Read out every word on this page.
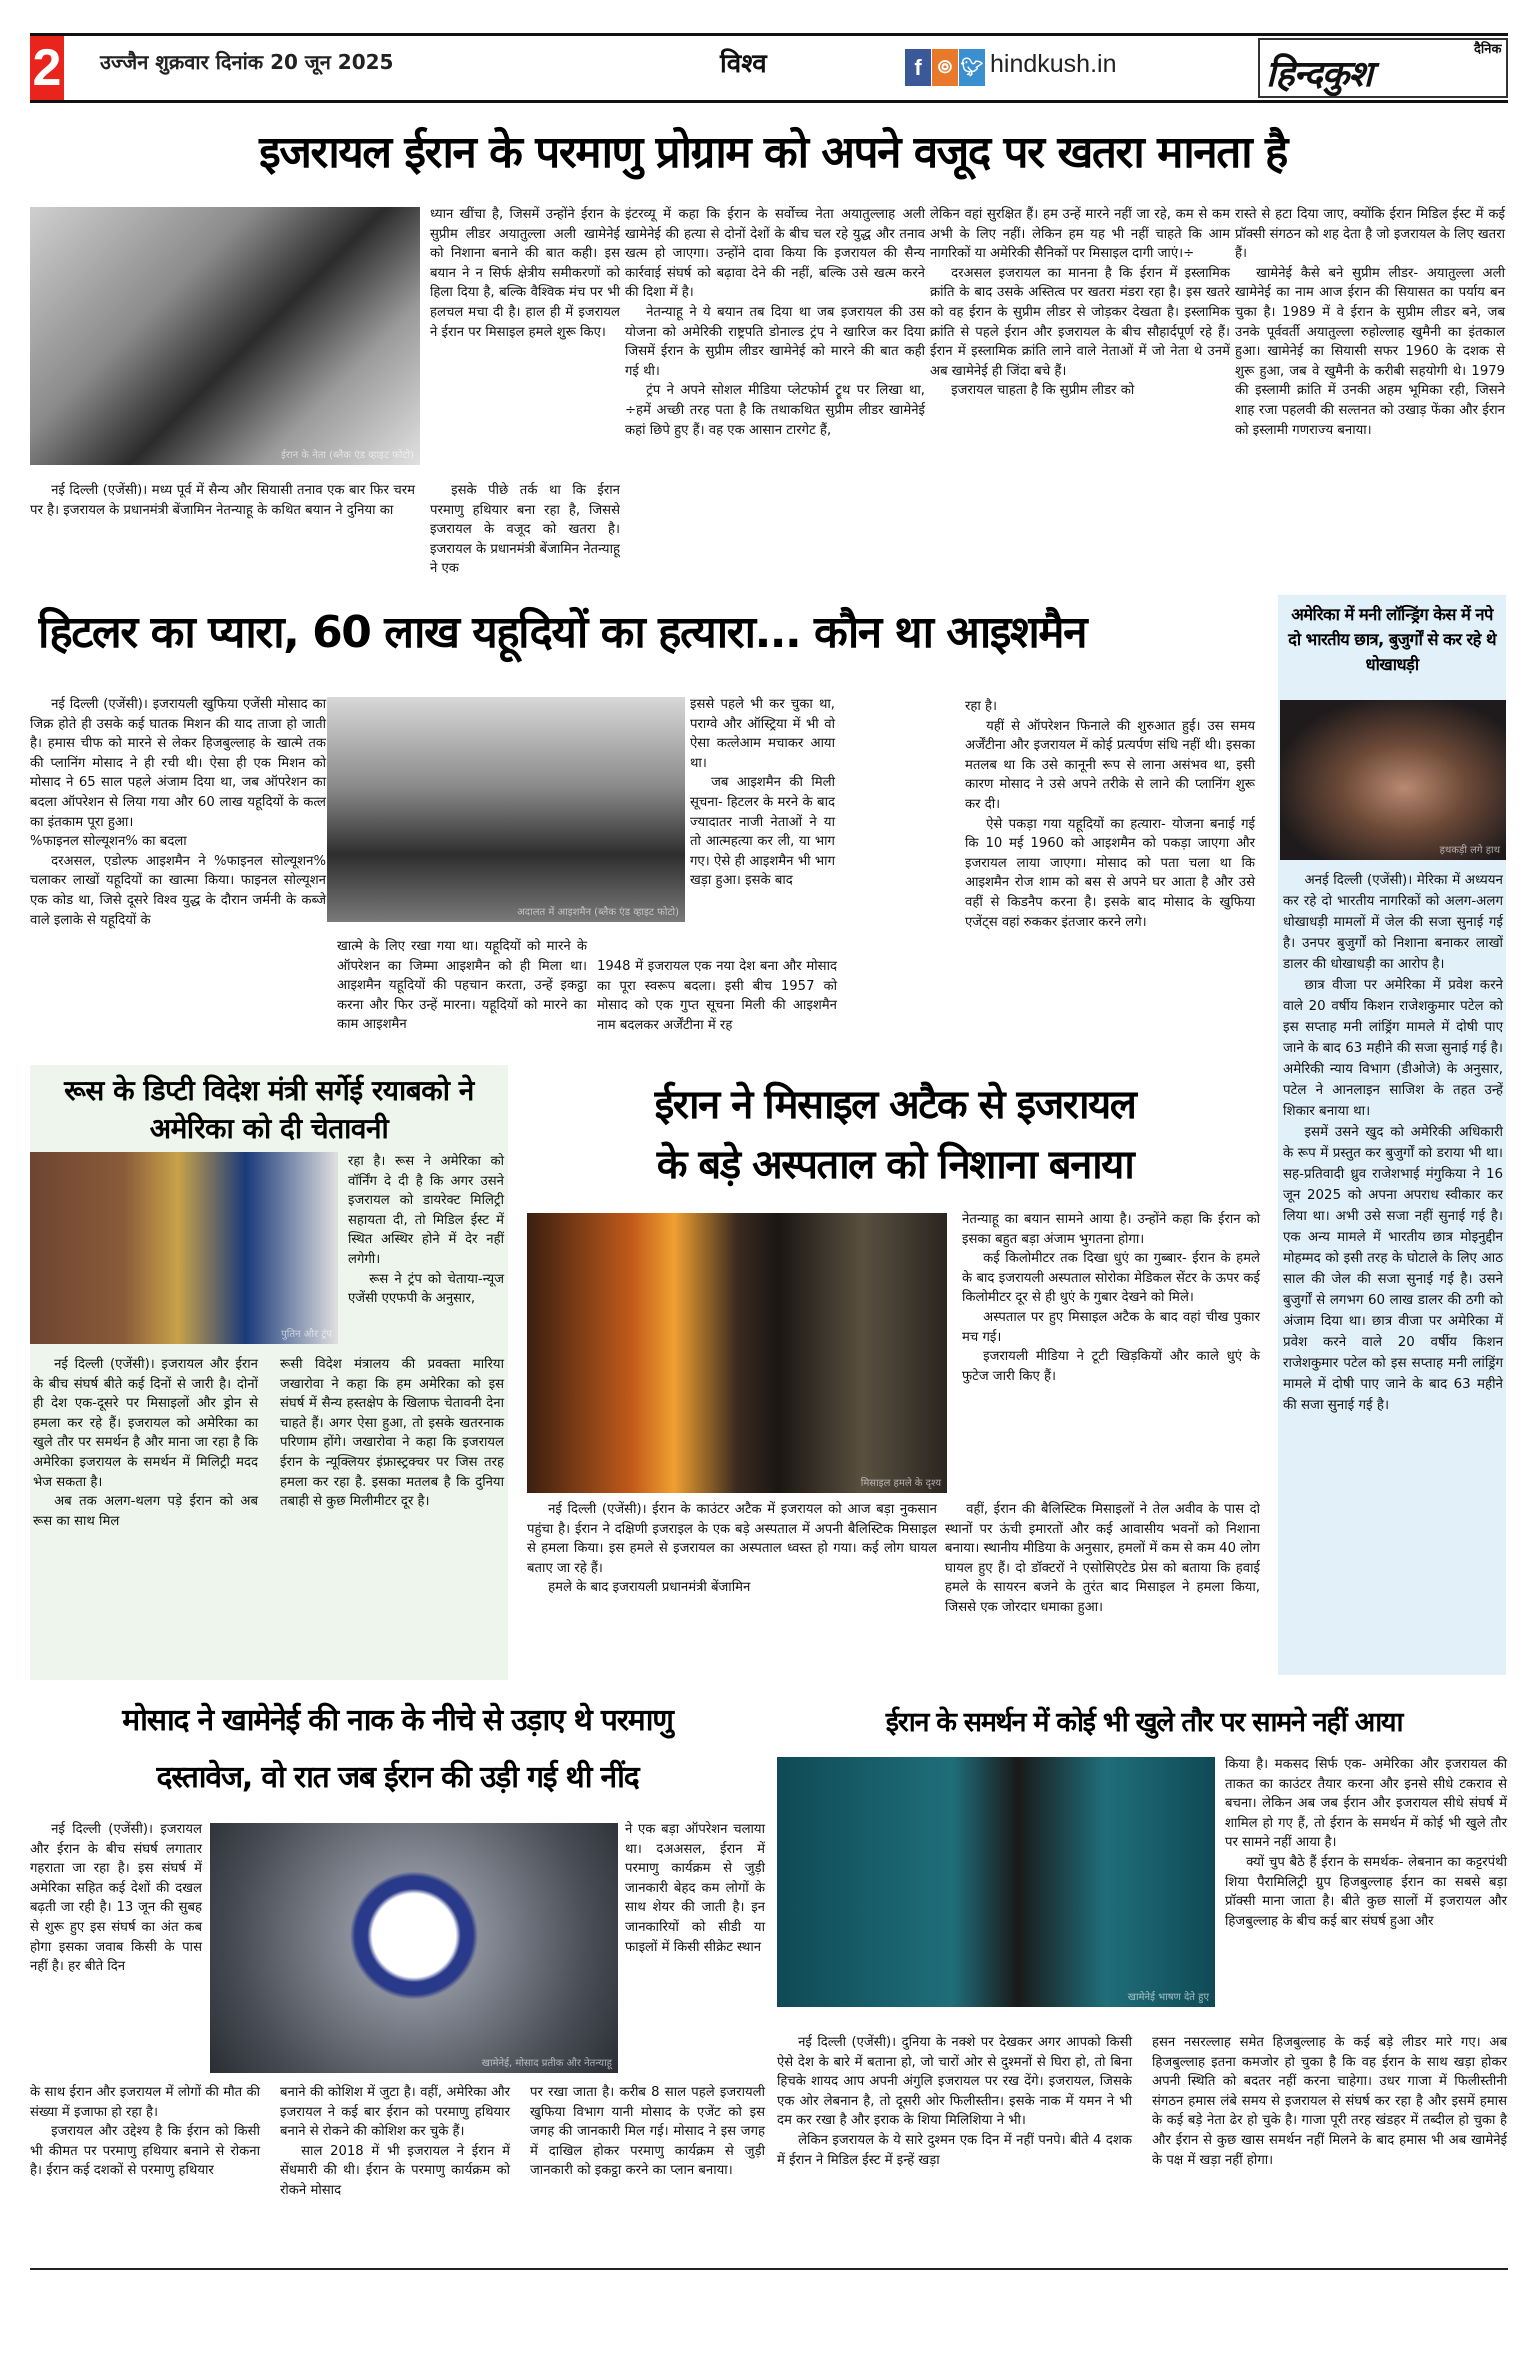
2 उज्जैन शुक्रवार दिनांक 20 जून 2025	विश्व	f ⦾ 🐦︎ hindkush.in
दैनिक
हिन्दकुश
इजरायल ईरान के परमाणु प्रोग्राम को अपने वजूद पर खतरा मानता है
ईरान के नेता (ब्लैक एंड व्हाइट फोटो)

नई दिल्ली (एजेंसी)। मध्य पूर्व में सैन्य और सियासी तनाव एक बार फिर चरम पर है। इजरायल के प्रधानमंत्री बेंजामिन नेतन्याहू के कथित बयान ने दुनिया का

ध्यान खींचा है, जिसमें उन्होंने ईरान के सुप्रीम लीडर अयातुल्ला अली खामेनेई को निशाना बनाने की बात कही। इस बयान ने न सिर्फ क्षेत्रीय समीकरणों को हिला दिया है, बल्कि वैश्विक मंच पर भी हलचल मचा दी है। हाल ही में इजरायल ने ईरान पर मिसाइल हमले शुरू किए।

इसके पीछे तर्क था कि ईरान परमाणु हथियार बना रहा है, जिससे इजरायल के वजूद को खतरा है। इजरायल के प्रधानमंत्री बेंजामिन नेतन्याहू ने एक

इंटरव्यू में कहा कि ईरान के सर्वोच्च नेता अयातुल्लाह अली खामेनेई की हत्या से दोनों देशों के बीच चल रहे युद्ध और तनाव खत्म हो जाएगा। उन्होंने दावा किया कि इजरायल की सैन्य कार्रवाई संघर्ष को बढ़ावा देने की नहीं, बल्कि उसे खत्म करने की दिशा में है।

नेतन्याहू ने ये बयान तब दिया था जब इजरायल की उस योजना को अमेरिकी राष्ट्रपति डोनाल्ड ट्रंप ने खारिज कर दिया जिसमें ईरान के सुप्रीम लीडर खामेनेई को मारने की बात कही गई थी।

ट्रंप ने अपने सोशल मीडिया प्लेटफोर्म ट्रूथ पर लिखा था, ÷हमें अच्छी तरह पता है कि तथाकथित सुप्रीम लीडर खामेनेई कहां छिपे हुए हैं। वह एक आसान टारगेट हैं,

लेकिन वहां सुरक्षित हैं। हम उन्हें मारने नहीं जा रहे, कम से कम अभी के लिए नहीं। लेकिन हम यह भी नहीं चाहते कि आम नागरिकों या अमेरिकी सैनिकों पर मिसाइल दागी जाएं।÷

दरअसल इजरायल का मानना है कि ईरान में इस्लामिक क्रांति के बाद उसके अस्तित्व पर खतरा मंडरा रहा है। इस खतरे को वह ईरान के सुप्रीम लीडर से जोड़कर देखता है। इस्लामिक क्रांति से पहले ईरान और इजरायल के बीच सौहार्दपूर्ण रहे हैं। ईरान में इस्लामिक क्रांति लाने वाले नेताओं में जो नेता थे उनमें अब खामेनेई ही जिंदा बचे हैं।

इजरायल चाहता है कि सुप्रीम लीडर को

रास्ते से हटा दिया जाए, क्योंकि ईरान मिडिल ईस्ट में कई प्रॉक्सी संगठन को शह देता है जो इजरायल के लिए खतरा हैं।

खामेनेई कैसे बने सुप्रीम लीडर- अयातुल्ला अली खामेनेई का नाम आज ईरान की सियासत का पर्याय बन चुका है। 1989 में वे ईरान के सुप्रीम लीडर बने, जब उनके पूर्ववर्ती अयातुल्ला रुहोल्लाह खुमैनी का इंतकाल हुआ। खामेनेई का सियासी सफर 1960 के दशक से शुरू हुआ, जब वे खुमैनी के करीबी सहयोगी थे। 1979 की इस्लामी क्रांति में उनकी अहम भूमिका रही, जिसने शाह रजा पहलवी की सल्तनत को उखाड़ फेंका और ईरान को इस्लामी गणराज्य बनाया।

हिटलर का प्यारा, 60 लाख यहूदियों का हत्यारा... कौन था आइशमैन

नई दिल्ली (एजेंसी)। इजरायली खुफिया एजेंसी मोसाद का जिक्र होते ही उसके कई घातक मिशन की याद ताजा हो जाती है। हमास चीफ को मारने से लेकर हिजबुल्लाह के खात्मे तक की प्लानिंग मोसाद ने ही रची थी। ऐसा ही एक मिशन को मोसाद ने 65 साल पहले अंजाम दिया था, जब ऑपरेशन का बदला ऑपरेशन से लिया गया और 60 लाख यहूदियों के कत्ल का इंतकाम पूरा हुआ।

%फाइनल सोल्यूशन% का बदला

दरअसल, एडोल्फ आइशमैन ने %फाइनल सोल्यूशन% चलाकर लाखों यहूदियों का खात्मा किया। फाइनल सोल्यूशन एक कोड था, जिसे दूसरे विश्व युद्ध के दौरान जर्मनी के कब्जे वाले इलाके से यहूदियों के

अदालत में आइशमैन (ब्लैक एंड व्हाइट फोटो)

खात्मे के लिए रखा गया था। यहूदियों को मारने के ऑपरेशन का जिम्मा आइशमैन को ही मिला था। आइशमैन यहूदियों की पहचान करता, उन्हें इकट्ठा करना और फिर उन्हें मारना। यहूदियों को मारने का काम आइशमैन

इससे पहले भी कर चुका था, पराग्वे और ऑस्ट्रिया में भी वो ऐसा कत्लेआम मचाकर आया था।

जब आइशमैन की मिली सूचना- हिटलर के मरने के बाद ज्यादातर नाजी नेताओं ने या तो आत्महत्या कर ली, या भाग गए। ऐसे ही आइशमैन भी भाग खड़ा हुआ। इसके बाद

1948 में इजरायल एक नया देश बना और मोसाद का पूरा स्वरूप बदला। इसी बीच 1957 को मोसाद को एक गुप्त सूचना मिली की आइशमैन नाम बदलकर अर्जेंटीना में रह

रहा है।

यहीं से ऑपरेशन फिनाले की शुरुआत हुई। उस समय अर्जेंटीना और इजरायल में कोई प्रत्यर्पण संधि नहीं थी। इसका मतलब था कि उसे कानूनी रूप से लाना असंभव था, इसी कारण मोसाद ने उसे अपने तरीके से लाने की प्लानिंग शुरू कर दी।

ऐसे पकड़ा गया यहूदियों का हत्यारा- योजना बनाई गई कि 10 मई 1960 को आइशमैन को पकड़ा जाएगा और इजरायल लाया जाएगा। मोसाद को पता चला था कि आइशमैन रोज शाम को बस से अपने घर आता है और उसे वहीं से किडनैप करना है। इसके बाद मोसाद के खुफिया एजेंट्स वहां रुककर इंतजार करने लगे।

अमेरिका में मनी लॉन्ड्रिंग केस में नपे दो भारतीय छात्र, बुजुर्गों से कर रहे थे धोखाधड़ी
हथकड़ी लगे हाथ

अनई दिल्ली (एजेंसी)। मेरिका में अध्ययन कर रहे दो भारतीय नागरिकों को अलग-अलग धोखाधड़ी मामलों में जेल की सजा सुनाई गई है। उनपर बुजुर्गों को निशाना बनाकर लाखों डालर की धोखाधड़ी का आरोप है।

छात्र वीजा पर अमेरिका में प्रवेश करने वाले 20 वर्षीय किशन राजेशकुमार पटेल को इस सप्ताह मनी लांड्रिंग मामले में दोषी पाए जाने के बाद 63 महीने की सजा सुनाई गई है। अमेरिकी न्याय विभाग (डीओजे) के अनुसार, पटेल ने आनलाइन साजिश के तहत उन्हें शिकार बनाया था।

इसमें उसने खुद को अमेरिकी अधिकारी के रूप में प्रस्तुत कर बुजुर्गों को डराया भी था। सह-प्रतिवादी ध्रुव राजेशभाई मंगुकिया ने 16 जून 2025 को अपना अपराध स्वीकार कर लिया था। अभी उसे सजा नहीं सुनाई गई है। एक अन्य मामले में भारतीय छात्र मोइनुद्दीन मोहम्मद को इसी तरह के घोटाले के लिए आठ साल की जेल की सजा सुनाई गई है। उसने बुजुर्गों से लगभग 60 लाख डालर की ठगी को अंजाम दिया था। छात्र वीजा पर अमेरिका में प्रवेश करने वाले 20 वर्षीय किशन राजेशकुमार पटेल को इस सप्ताह मनी लांड्रिंग मामले में दोषी पाए जाने के बाद 63 महीने की सजा सुनाई गई है।

रूस के डिप्टी विदेश मंत्री सर्गेई रयाबको ने अमेरिका को दी चेतावनी
पुतिन और ट्रंप

रहा है। रूस ने अमेरिका को वॉर्निंग दे दी है कि अगर उसने इजरायल को डायरेक्ट मिलिट्री सहायता दी, तो मिडिल ईस्ट में स्थित अस्थिर होने में देर नहीं लगेगी।

रूस ने ट्रंप को चेताया-न्यूज एजेंसी एएफपी के अनुसार,

नई दिल्ली (एजेंसी)। इजरायल और ईरान के बीच संघर्ष बीते कई दिनों से जारी है। दोनों ही देश एक-दूसरे पर मिसाइलों और ड्रोन से हमला कर रहे हैं। इजरायल को अमेरिका का खुले तौर पर समर्थन है और माना जा रहा है कि अमेरिका इजरायल के समर्थन में मिलिट्री मदद भेज सकता है।

अब तक अलग-थलग पड़े ईरान को अब रूस का साथ मिल

रूसी विदेश मंत्रालय की प्रवक्ता मारिया जखारोवा ने कहा कि हम अमेरिका को इस संघर्ष में सैन्य हस्तक्षेप के खिलाफ चेतावनी देना चाहते हैं। अगर ऐसा हुआ, तो इसके खतरनाक परिणाम होंगे। जखारोवा ने कहा कि इजरायल ईरान के न्यूक्लियर इंफ्रास्ट्रक्चर पर जिस तरह हमला कर रहा है. इसका मतलब है कि दुनिया तबाही से कुछ मिलीमीटर दूर है।

ईरान ने मिसाइल अटैक से इजरायल
के बड़े अस्पताल को निशाना बनाया
मिसाइल हमले के दृश्य

नेतन्याहू का बयान सामने आया है। उन्होंने कहा कि ईरान को इसका बहुत बड़ा अंजाम भुगतना होगा।

कई किलोमीटर तक दिखा धुएं का गुब्बार- ईरान के हमले के बाद इजरायली अस्पताल सोरोका मेडिकल सेंटर के ऊपर कई किलोमीटर दूर से ही धुएं के गुबार देखने को मिले।

अस्पताल पर हुए मिसाइल अटैक के बाद वहां चीख पुकार मच गई।

इजरायली मीडिया ने टूटी खिड़कियों और काले धुएं के फुटेज जारी किए हैं।

नई दिल्ली (एजेंसी)। ईरान के काउंटर अटैक में इजरायल को आज बड़ा नुकसान पहुंचा है। ईरान ने दक्षिणी इजराइल के एक बड़े अस्पताल में अपनी बैलिस्टिक मिसाइल से हमला किया। इस हमले से इजरायल का अस्पताल ध्वस्त हो गया। कई लोग घायल बताए जा रहे हैं।

हमले के बाद इजरायली प्रधानमंत्री बेंजामिन

वहीं, ईरान की बैलिस्टिक मिसाइलों ने तेल अवीव के पास दो स्थानों पर ऊंची इमारतों और कई आवासीय भवनों को निशाना बनाया। स्थानीय मीडिया के अनुसार, हमलों में कम से कम 40 लोग घायल हुए हैं। दो डॉक्टरों ने एसोसिएटेड प्रेस को बताया कि हवाई हमले के सायरन बजने के तुरंत बाद मिसाइल ने हमला किया, जिससे एक जोरदार धमाका हुआ।

मोसाद ने खामेनेई की नाक के नीचे से उड़ाए थे परमाणु
दस्तावेज, वो रात जब ईरान की उड़ी गई थी नींद

नई दिल्ली (एजेंसी)। इजरायल और ईरान के बीच संघर्ष लगातार गहराता जा रहा है। इस संघर्ष में अमेरिका सहित कई देशों की दखल बढ़ती जा रही है। 13 जून की सुबह से शुरू हुए इस संघर्ष का अंत कब होगा इसका जवाब किसी के पास नहीं है। हर बीते दिन

खामेनेई, मोसाद प्रतीक और नेतन्याहू

के साथ ईरान और इजरायल में लोगों की मौत की संख्या में इजाफा हो रहा है।

इजरायल और उद्देश्य है कि ईरान को किसी भी कीमत पर परमाणु हथियार बनाने से रोकना है। ईरान कई दशकों से परमाणु हथियार

बनाने की कोशिश में जुटा है। वहीं, अमेरिका और इजरायल ने कई बार ईरान को परमाणु हथियार बनाने से रोकने की कोशिश कर चुके हैं।

साल 2018 में भी इजरायल ने ईरान में सेंधमारी की थी। ईरान के परमाणु कार्यक्रम को रोकने मोसाद

ने एक बड़ा ऑपरेशन चलाया था। दअअसल, ईरान में परमाणु कार्यक्रम से जुड़ी जानकारी बेहद कम लोगों के साथ शेयर की जाती है। इन जानकारियों को सीडी या फाइलों में किसी सीक्रेट स्थान

पर रखा जाता है। करीब 8 साल पहले इजरायली खुफिया विभाग यानी मोसाद के एजेंट को इस जगह की जानकारी मिल गई। मोसाद ने इस जगह में दाखिल होकर परमाणु कार्यक्रम से जुड़ी जानकारी को इकट्ठा करने का प्लान बनाया।

ईरान के समर्थन में कोई भी खुले तौर पर सामने नहीं आया
खामेनेई भाषण देते हुए

किया है। मकसद सिर्फ एक- अमेरिका और इजरायल की ताकत का काउंटर तैयार करना और इनसे सीधे टकराव से बचना। लेकिन अब जब ईरान और इजरायल सीधे संघर्ष में शामिल हो गए हैं, तो ईरान के समर्थन में कोई भी खुले तौर पर सामने नहीं आया है।

क्यों चुप बैठे हैं ईरान के समर्थक- लेबनान का कट्टरपंथी शिया पैरामिलिट्री ग्रुप हिजबुल्लाह ईरान का सबसे बड़ा प्रॉक्सी माना जाता है। बीते कुछ सालों में इजरायल और हिजबुल्लाह के बीच कई बार संघर्ष हुआ और

नई दिल्ली (एजेंसी)। दुनिया के नक्शे पर देखकर अगर आपको किसी ऐसे देश के बारे में बताना हो, जो चारों ओर से दुश्मनों से घिरा हो, तो बिना हिचके शायद आप अपनी अंगुलि इजरायल पर रख देंगे। इजरायल, जिसके एक ओर लेबनान है, तो दूसरी ओर फिलीस्तीन। इसके नाक में यमन ने भी दम कर रखा है और इराक के शिया मिलिशिया ने भी।

लेकिन इजरायल के ये सारे दुश्मन एक दिन में नहीं पनपे। बीते 4 दशक में ईरान ने मिडिल ईस्ट में इन्हें खड़ा

हसन नसरल्लाह समेत हिजबुल्लाह के कई बड़े लीडर मारे गए। अब हिजबुल्लाह इतना कमजोर हो चुका है कि वह ईरान के साथ खड़ा होकर अपनी स्थिति को बदतर नहीं करना चाहेगा। उधर गाजा में फिलीस्तीनी संगठन हमास लंबे समय से इजरायल से संघर्ष कर रहा है और इसमें हमास के कई बड़े नेता ढेर हो चुके है। गाजा पूरी तरह खंडहर में तब्दील हो चुका है और ईरान से कुछ खास समर्थन नहीं मिलने के बाद हमास भी अब खामेनेई के पक्ष में खड़ा नहीं होगा।
